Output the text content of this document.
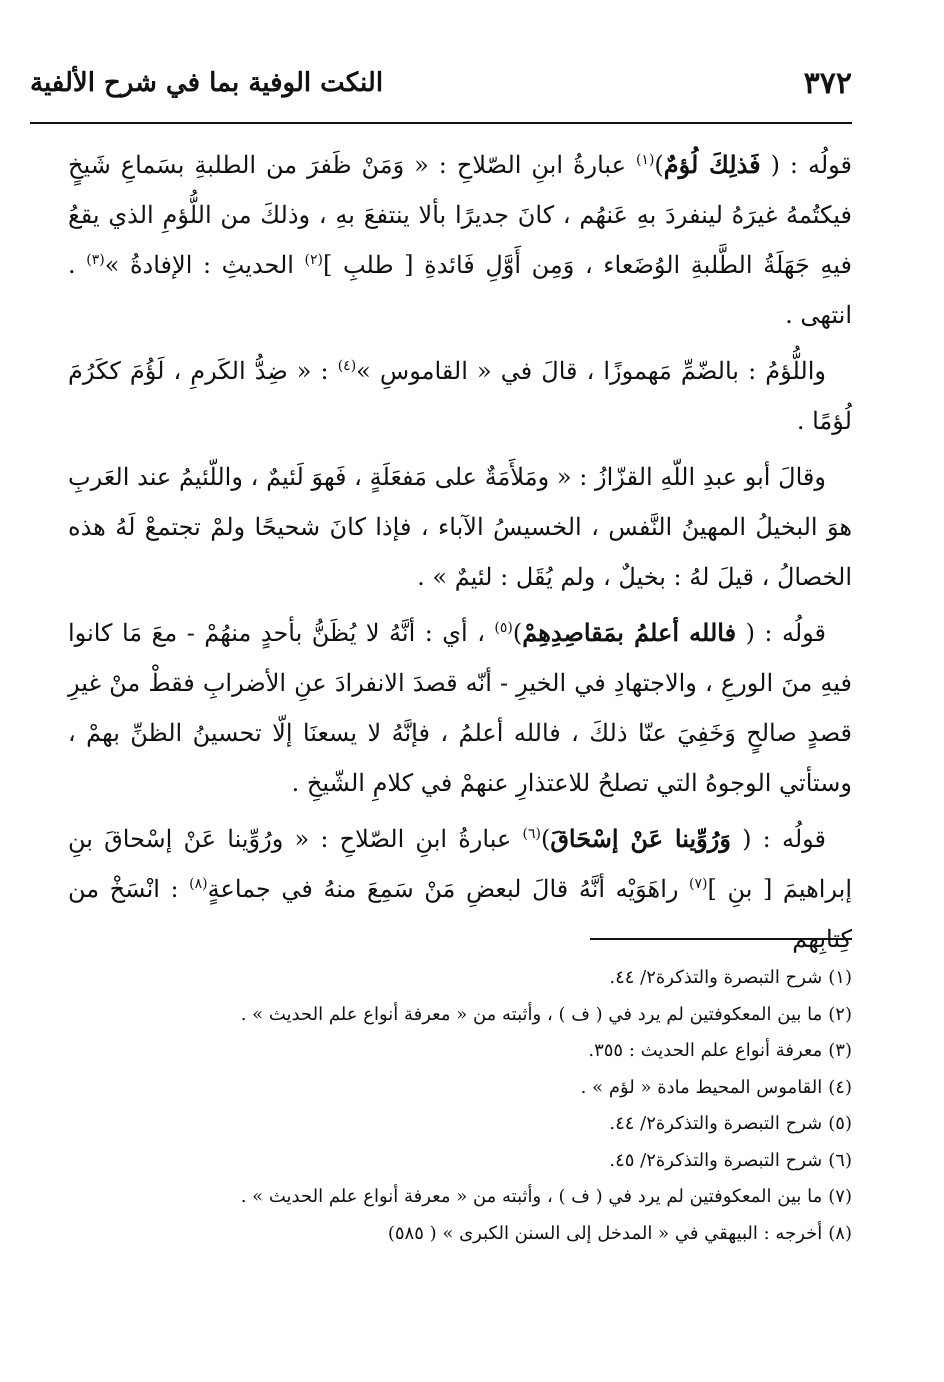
٣٧٢
النكت الوفية بما في شرح الألفية

قولُه : ( فَذلِكَ لُؤمٌ)$^{(١)}$ عبارةُ ابنِ الصّلاحِ : « وَمَنْ ظَفرَ من الطلبةِ بسَماعِ شَيخٍ فيكتُمهُ غيرَهُ لينفردَ بهِ عَنهُم ، كانَ جديرًا بألا ينتفعَ بهِ ، وذلكَ من اللُّؤمِ الذي يقعُ فيهِ جَهَلَةُ الطَّلبةِ الوُضَعاء ، وَمِن أَوَّلِ فَائدةِ [ طلبِ ]$^{(٢)}$ الحديثِ : الإفادةُ »$^{(٣)}$ . انتهى .

واللُّؤمُ : بالضّمِّ مَهموزًا ، قالَ في « القاموسِ »$^{(٤)}$ : « ضِدُّ الكَرمِ ، لَؤُمَ ككَرُمَ لُؤمًا .

وقالَ أبو عبدِ اللّهِ القزّازُ : « ومَلأَمَةٌ على مَفعَلَةٍ ، فَهوَ لَئيمٌ ، واللّئيمُ عند العَربِ هوَ البخيلُ المهينُ النَّفس ، الخسيسُ الآباء ، فإذا كانَ شحيحًا ولمْ تجتمعْ لَهُ هذه الخصالُ ، قيلَ لهُ : بخيلٌ ، ولم يُقَل : لئيمٌ » .

قولُه : ( فالله أعلمُ بمَقاصِدِهِمْ)$^{(٥)}$ ، أي : أنَّهُ لا يُظَنُّ بأحدٍ منهُمْ - معَ مَا كانوا فيهِ منَ الورعِ ، والاجتهادِ في الخيرِ - أنّه قصدَ الانفرادَ عنِ الأضرابِ فقطْ منْ غيرِ قصدٍ صالحٍ وَخَفِيَ عنّا ذلكَ ، فالله أعلمُ ، فإنَّهُ لا يسعنَا إلّا تحسينُ الظنِّ بهمْ ، وستأتي الوجوهُ التي تصلحُ للاعتذارِ عنهمْ في كلامِ الشّيخِ .

قولُه : ( وَرُوِّينا عَنْ إسْحَاقَ)$^{(٦)}$ عبارةُ ابنِ الصّلاحِ : « ورُوِّينا عَنْ إسْحاقَ بنِ إبراهيمَ [ بنِ ]$^{(٧)}$ راهَوَيْه أنَّهُ قالَ لبعضِ مَنْ سَمِعَ منهُ في جماعةٍ$^{(٨)}$ : انْسَخْ من كِتابِهم

(١)شرح التبصرة والتذكرة٢/ ٤٤.
(٢)ما بين المعكوفتين لم يرد في ( ف ) ، وأثبته من « معرفة أنواع علم الحديث » .
(٣)معرفة أنواع علم الحديث : ٣٥٥.
(٤)القاموس المحيط مادة « لؤم » .
(٥)شرح التبصرة والتذكرة٢/ ٤٤.
(٦)شرح التبصرة والتذكرة٢/ ٤٥.
(٧)ما بين المعكوفتين لم يرد في ( ف ) ، وأثبته من « معرفة أنواع علم الحديث » .
(٨)أخرجه : البيهقي في « المدخل إلى السنن الكبرى » ( ٥٨٥)
